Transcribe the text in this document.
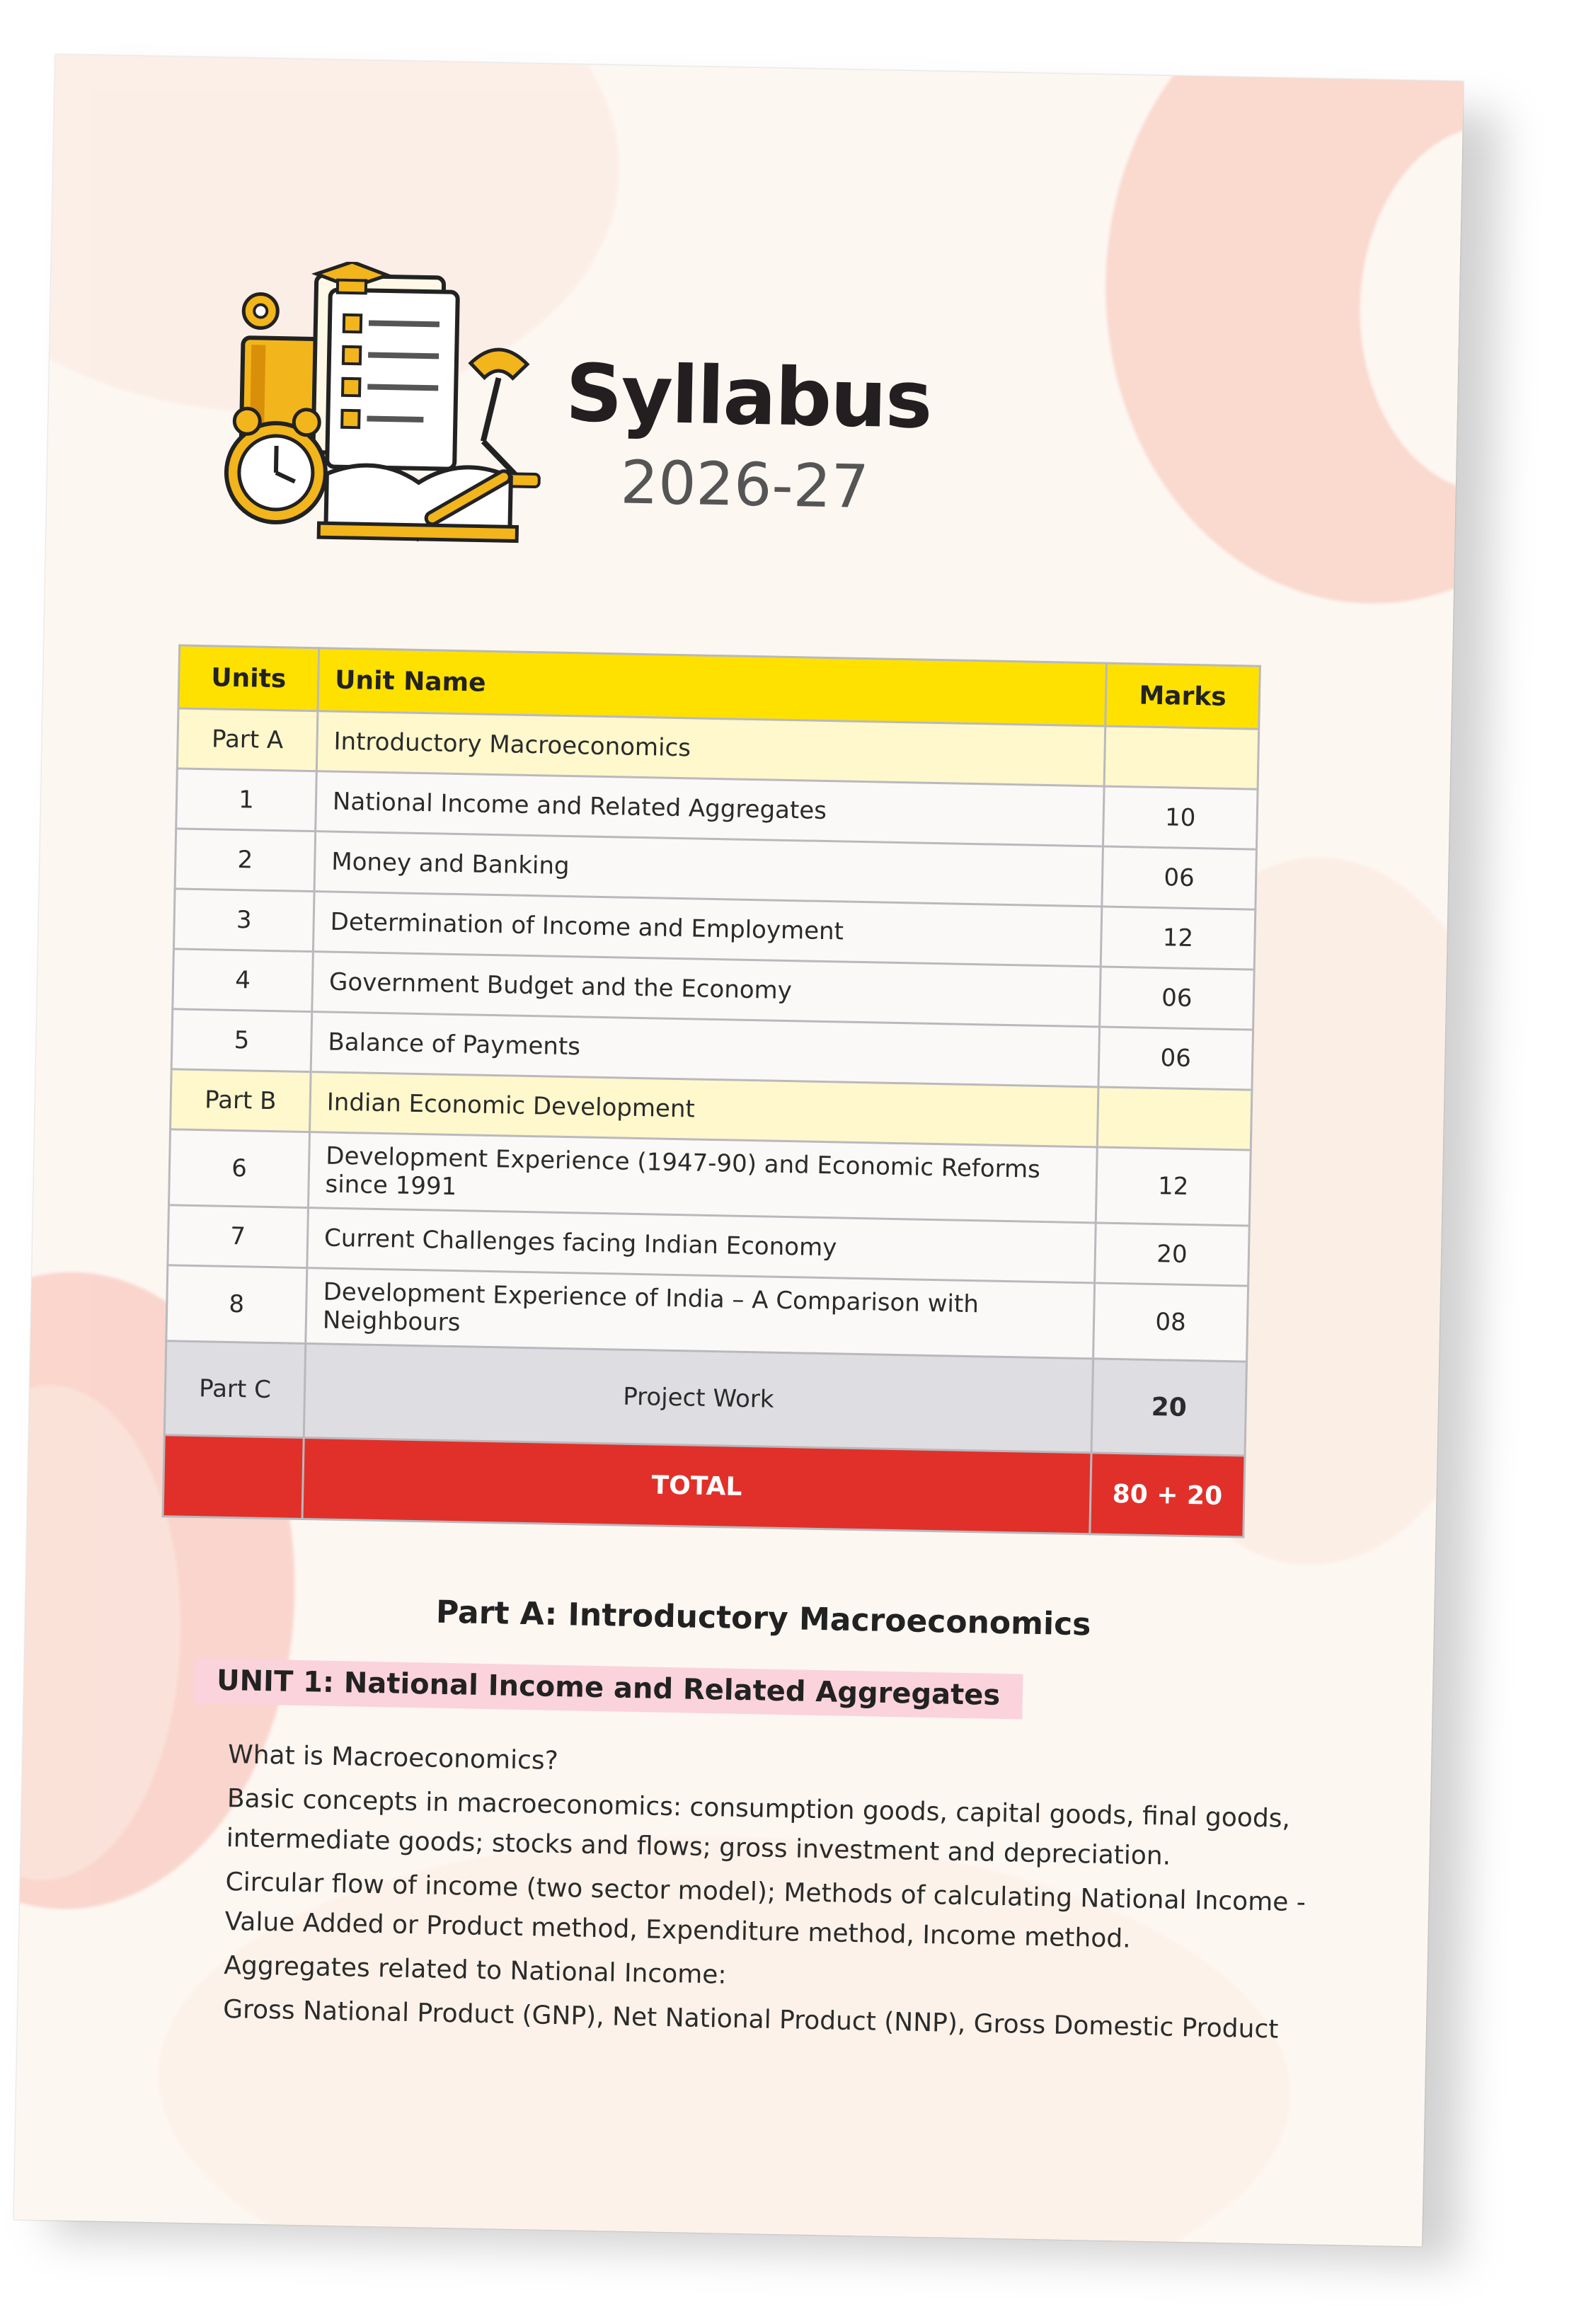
Syllabus
2026-27
Units	Unit Name	Marks
Part A	Introductory Macroeconomics	
1	National Income and Related Aggregates	10
2	Money and Banking	06
3	Determination of Income and Employment	12
4	Government Budget and the Economy	06
5	Balance of Payments	06
Part B	Indian Economic Development	
6	Development Experience (1947-90) and Economic Reforms since 1991	12
7	Current Challenges facing Indian Economy	20
8	Development Experience of India – A Comparison with Neighbours	08
Part C	Project Work	20
	TOTAL	80 + 20
Part A: Introductory Macroeconomics
UNIT 1: National Income and Related Aggregates

What is Macroeconomics?

Basic concepts in macroeconomics: consumption goods, capital goods, final goods, intermediate goods; stocks and flows; gross investment and depreciation.

Circular flow of income (two sector model); Methods of calculating National Income -Value Added or Product method, Expenditure method, Income method.

Aggregates related to National Income:

Gross National Product (GNP), Net National Product (NNP), Gross Domestic Product
